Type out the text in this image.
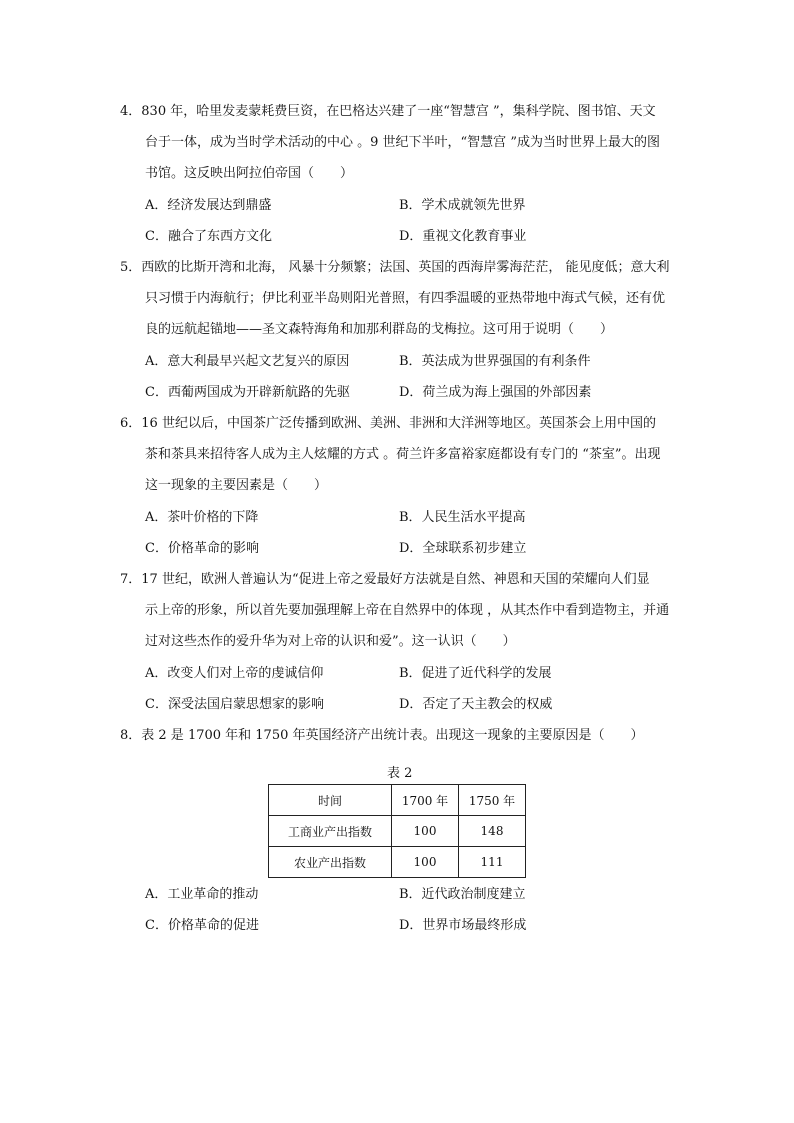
4．830 年，哈里发麦蒙耗费巨资，在巴格达兴建了一座“智慧宫 ”，集科学院、图书馆、天文
台于一体，成为当时学术活动的中心 。9 世纪下半叶，“智慧宫 ”成为当时世界上最大的图
书馆。这反映出阿拉伯帝国（　　）
A．经济发展达到鼎盛	B．学术成就领先世界
C．融合了东西方文化	D．重视文化教育事业
5．西欧的比斯开湾和北海， 风暴十分频繁；法国、英国的西海岸雾海茫茫， 能见度低；意大利
只习惯于内海航行；伊比利亚半岛则阳光普照，有四季温暖的亚热带地中海式气候，还有优
良的远航起锚地——圣文森特海角和加那利群岛的戈梅拉。这可用于说明（　　）
A．意大利最早兴起文艺复兴的原因	B．英法成为世界强国的有利条件
C．西葡两国成为开辟新航路的先驱	D．荷兰成为海上强国的外部因素
6．16 世纪以后，中国茶广泛传播到欧洲、美洲、非洲和大洋洲等地区。英国茶会上用中国的
茶和茶具来招待客人成为主人炫耀的方式 。荷兰许多富裕家庭都设有专门的 “茶室”。出现
这一现象的主要因素是（　　）
A．茶叶价格的下降	B．人民生活水平提高
C．价格革命的影响	D．全球联系初步建立
7．17 世纪，欧洲人普遍认为“促进上帝之爱最好方法就是自然、神恩和天国的荣耀向人们显
示上帝的形象，所以首先要加强理解上帝在自然界中的体现 ，从其杰作中看到造物主，并通
过对这些杰作的爱升华为对上帝的认识和爱”。这一认识（　　）
A．改变人们对上帝的虔诚信仰	B．促进了近代科学的发展
C．深受法国启蒙思想家的影响	D．否定了天主教会的权威
8．表 2 是 1700 年和 1750 年英国经济产出统计表。出现这一现象的主要原因是（　　）
表 2
时间	1700 年	1750 年
工商业产出指数	100	148
农业产出指数	100	111
A．工业革命的推动	B．近代政治制度建立
C．价格革命的促进	D．世界市场最终形成
